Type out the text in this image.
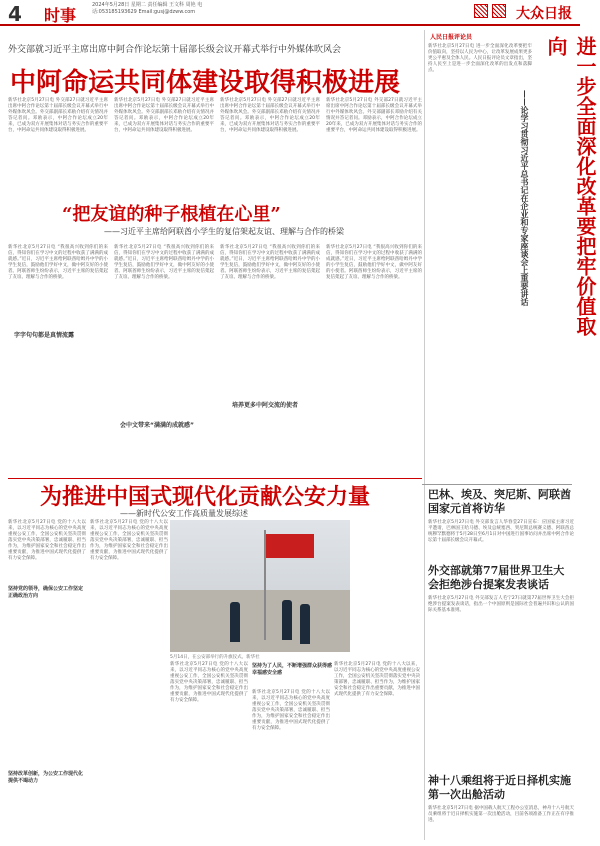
4 时事
2024年5月28日 星期二 责任编辑 王文科 周艳 电话:053185193629 Email:gusj@dzww.com	大众日报
外交部就习近平主席出席中阿合作论坛第十届部长级会议开幕式举行中外媒体吹风会
中阿命运共同体建设取得积极进展
新华社北京5月27日电 外交部27日就习近平主席出席中阿合作论坛第十届部长级会议开幕式举行中外媒体吹风会。外交部副部长邓励介绍有关情况并答记者问。邓励表示，中阿合作论坛成立20年来，已成为双方开展集体对话与务实合作的重要平台，中阿命运共同体建设取得积极进展。
新华社北京5月27日电 外交部27日就习近平主席出席中阿合作论坛第十届部长级会议开幕式举行中外媒体吹风会。外交部副部长邓励介绍有关情况并答记者问。邓励表示，中阿合作论坛成立20年来，已成为双方开展集体对话与务实合作的重要平台，中阿命运共同体建设取得积极进展。
新华社北京5月27日电 外交部27日就习近平主席出席中阿合作论坛第十届部长级会议开幕式举行中外媒体吹风会。外交部副部长邓励介绍有关情况并答记者问。邓励表示，中阿合作论坛成立20年来，已成为双方开展集体对话与务实合作的重要平台，中阿命运共同体建设取得积极进展。
新华社北京5月27日电 外交部27日就习近平主席出席中阿合作论坛第十届部长级会议开幕式举行中外媒体吹风会。外交部副部长邓励介绍有关情况并答记者问。邓励表示，中阿合作论坛成立20年来，已成为双方开展集体对话与务实合作的重要平台，中阿命运共同体建设取得积极进展。
“把友谊的种子根植在心里”
——习近平主席给阿联酋小学生的复信架起友谊、理解与合作的桥梁
字字句句都是真情流露
新华社北京5月27日电 “我很高兴收到你们的来信，得知你们在学习中文的过程中收获了满满的成就感。”近日，习近平主席给阿联酋哈姆丹中学的小学生复信，鼓励他们学好中文，做中阿友好的小使者。阿联酋师生纷纷表示，习近平主席的复信架起了友谊、理解与合作的桥梁。
新华社北京5月27日电 “我很高兴收到你们的来信，得知你们在学习中文的过程中收获了满满的成就感。”近日，习近平主席给阿联酋哈姆丹中学的小学生复信，鼓励他们学好中文，做中阿友好的小使者。阿联酋师生纷纷表示，习近平主席的复信架起了友谊、理解与合作的桥梁。
会中文带来“满满的成就感”
新华社北京5月27日电 “我很高兴收到你们的来信，得知你们在学习中文的过程中收获了满满的成就感。”近日，习近平主席给阿联酋哈姆丹中学的小学生复信，鼓励他们学好中文，做中阿友好的小使者。阿联酋师生纷纷表示，习近平主席的复信架起了友谊、理解与合作的桥梁。
培养更多中阿交流的使者
新华社北京5月27日电 “我很高兴收到你们的来信，得知你们在学习中文的过程中收获了满满的成就感。”近日，习近平主席给阿联酋哈姆丹中学的小学生复信，鼓励他们学好中文，做中阿友好的小使者。阿联酋师生纷纷表示，习近平主席的复信架起了友谊、理解与合作的桥梁。
为推进中国式现代化贡献公安力量
——新时代公安工作高质量发展综述
新华社北京5月27日电 党的十八大以来，以习近平同志为核心的党中央高度重视公安工作，全国公安机关坚决贯彻落实党中央决策部署，忠诚履职、担当作为，为维护国家安全和社会稳定作出重要贡献，为推进中国式现代化提供了有力安全保障。
坚持党的领导，确保公安工作坚定正确政治方向
坚持改革创新，为公安工作现代化提供不竭动力
新华社北京5月27日电 党的十八大以来，以习近平同志为核心的党中央高度重视公安工作，全国公安机关坚决贯彻落实党中央决策部署，忠诚履职、担当作为，为维护国家安全和社会稳定作出重要贡献，为推进中国式现代化提供了有力安全保障。
5月14日，在公安部举行的升旗仪式。新华社
新华社北京5月27日电 党的十八大以来，以习近平同志为核心的党中央高度重视公安工作，全国公安机关坚决贯彻落实党中央决策部署，忠诚履职、担当作为，为维护国家安全和社会稳定作出重要贡献，为推进中国式现代化提供了有力安全保障。
坚持为了人民，不断增强群众获得感幸福感安全感
新华社北京5月27日电 党的十八大以来，以习近平同志为核心的党中央高度重视公安工作，全国公安机关坚决贯彻落实党中央决策部署，忠诚履职、担当作为，为维护国家安全和社会稳定作出重要贡献，为推进中国式现代化提供了有力安全保障。
新华社北京5月27日电 党的十八大以来，以习近平同志为核心的党中央高度重视公安工作，全国公安机关坚决贯彻落实党中央决策部署，忠诚履职、担当作为，为维护国家安全和社会稳定作出重要贡献，为推进中国式现代化提供了有力安全保障。
人民日报评论员
新华社北京5月27日电 进一步全面深化改革要把牢价值取向，坚持以人民为中心，让改革发展成果更多更公平惠及全体人民。人民日报评论员文章指出，坚持人民至上是进一步全面深化改革的出发点和落脚点。	进一步全面深化改革要把牢价值取向
——论学习贯彻习近平总书记在企业和专家座谈会上重要讲话
巴林、埃及、突尼斯、阿联酋国家元首将访华
新华社北京5月27日电 外交部发言人华春莹27日宣布：应国家主席习近平邀请，巴林国王哈马德、埃及总统塞西、突尼斯总统赛义德、阿联酋总统穆罕默德将于5月28日至6月1日对中国进行国事访问并出席中阿合作论坛第十届部长级会议开幕式。
外交部就第77届世界卫生大会拒绝涉台提案发表谈话
新华社北京5月27日电 外交部发言人毛宁27日就第77届世界卫生大会拒绝涉台提案发表谈话，指出一个中国原则是国际社会普遍共识和公认的国际关系基本准则。
神十八乘组将于近日择机实施第一次出舱活动
新华社北京5月27日电 据中国载人航天工程办公室消息，神舟十八号航天员乘组将于近日择机实施第一次出舱活动，目前各项准备工作正在有序推进。
